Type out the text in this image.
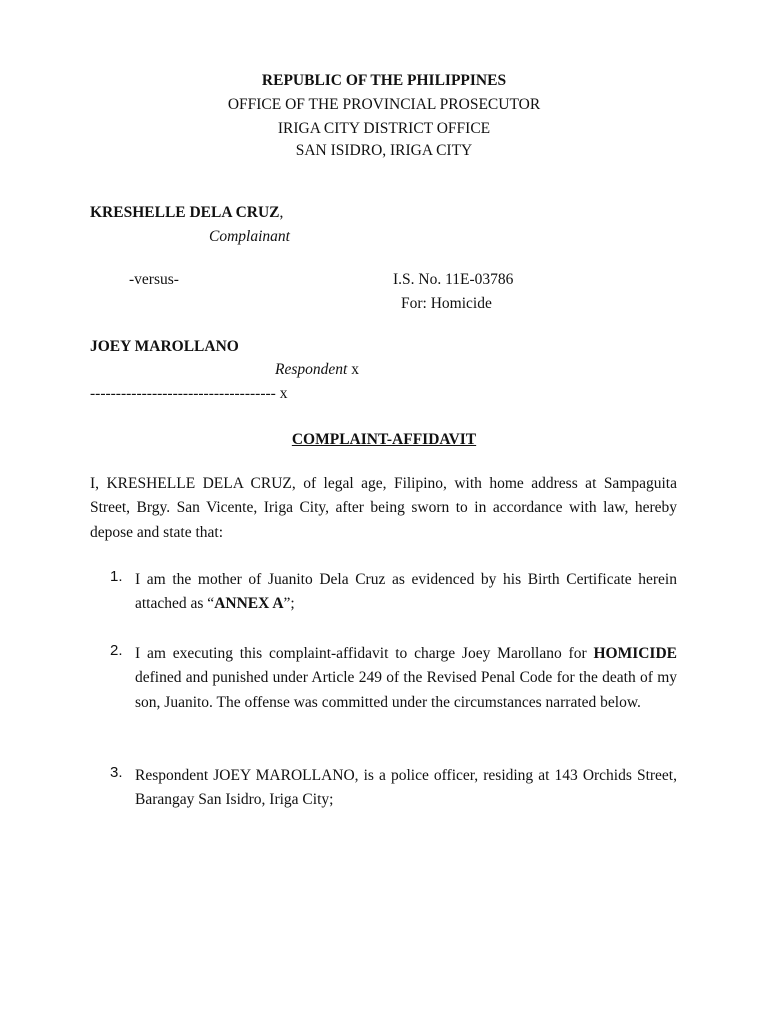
REPUBLIC OF THE PHILIPPINES
OFFICE OF THE PROVINCIAL PROSECUTOR
IRIGA CITY DISTRICT OFFICE
SAN ISIDRO, IRIGA CITY
KRESHELLE DELA CRUZ,
Complainant
-versus-	I.S. No. 11E-03786
For: Homicide
JOEY MAROLLANO
Respondent x
------------------------------------ x
COMPLAINT-AFFIDAVIT
I, KRESHELLE DELA CRUZ, of legal age, Filipino, with home address at Sampaguita Street, Brgy. San Vicente, Iriga City, after being sworn to in accordance with law, hereby depose and state that:
1. I am the mother of Juanito Dela Cruz as evidenced by his Birth Certificate herein attached as “ANNEX A”;
2. I am executing this complaint-affidavit to charge Joey Marollano for HOMICIDE defined and punished under Article 249 of the Revised Penal Code for the death of my son, Juanito. The offense was committed under the circumstances narrated below.
3. Respondent JOEY MAROLLANO, is a police officer, residing at 143 Orchids Street, Barangay San Isidro, Iriga City;
